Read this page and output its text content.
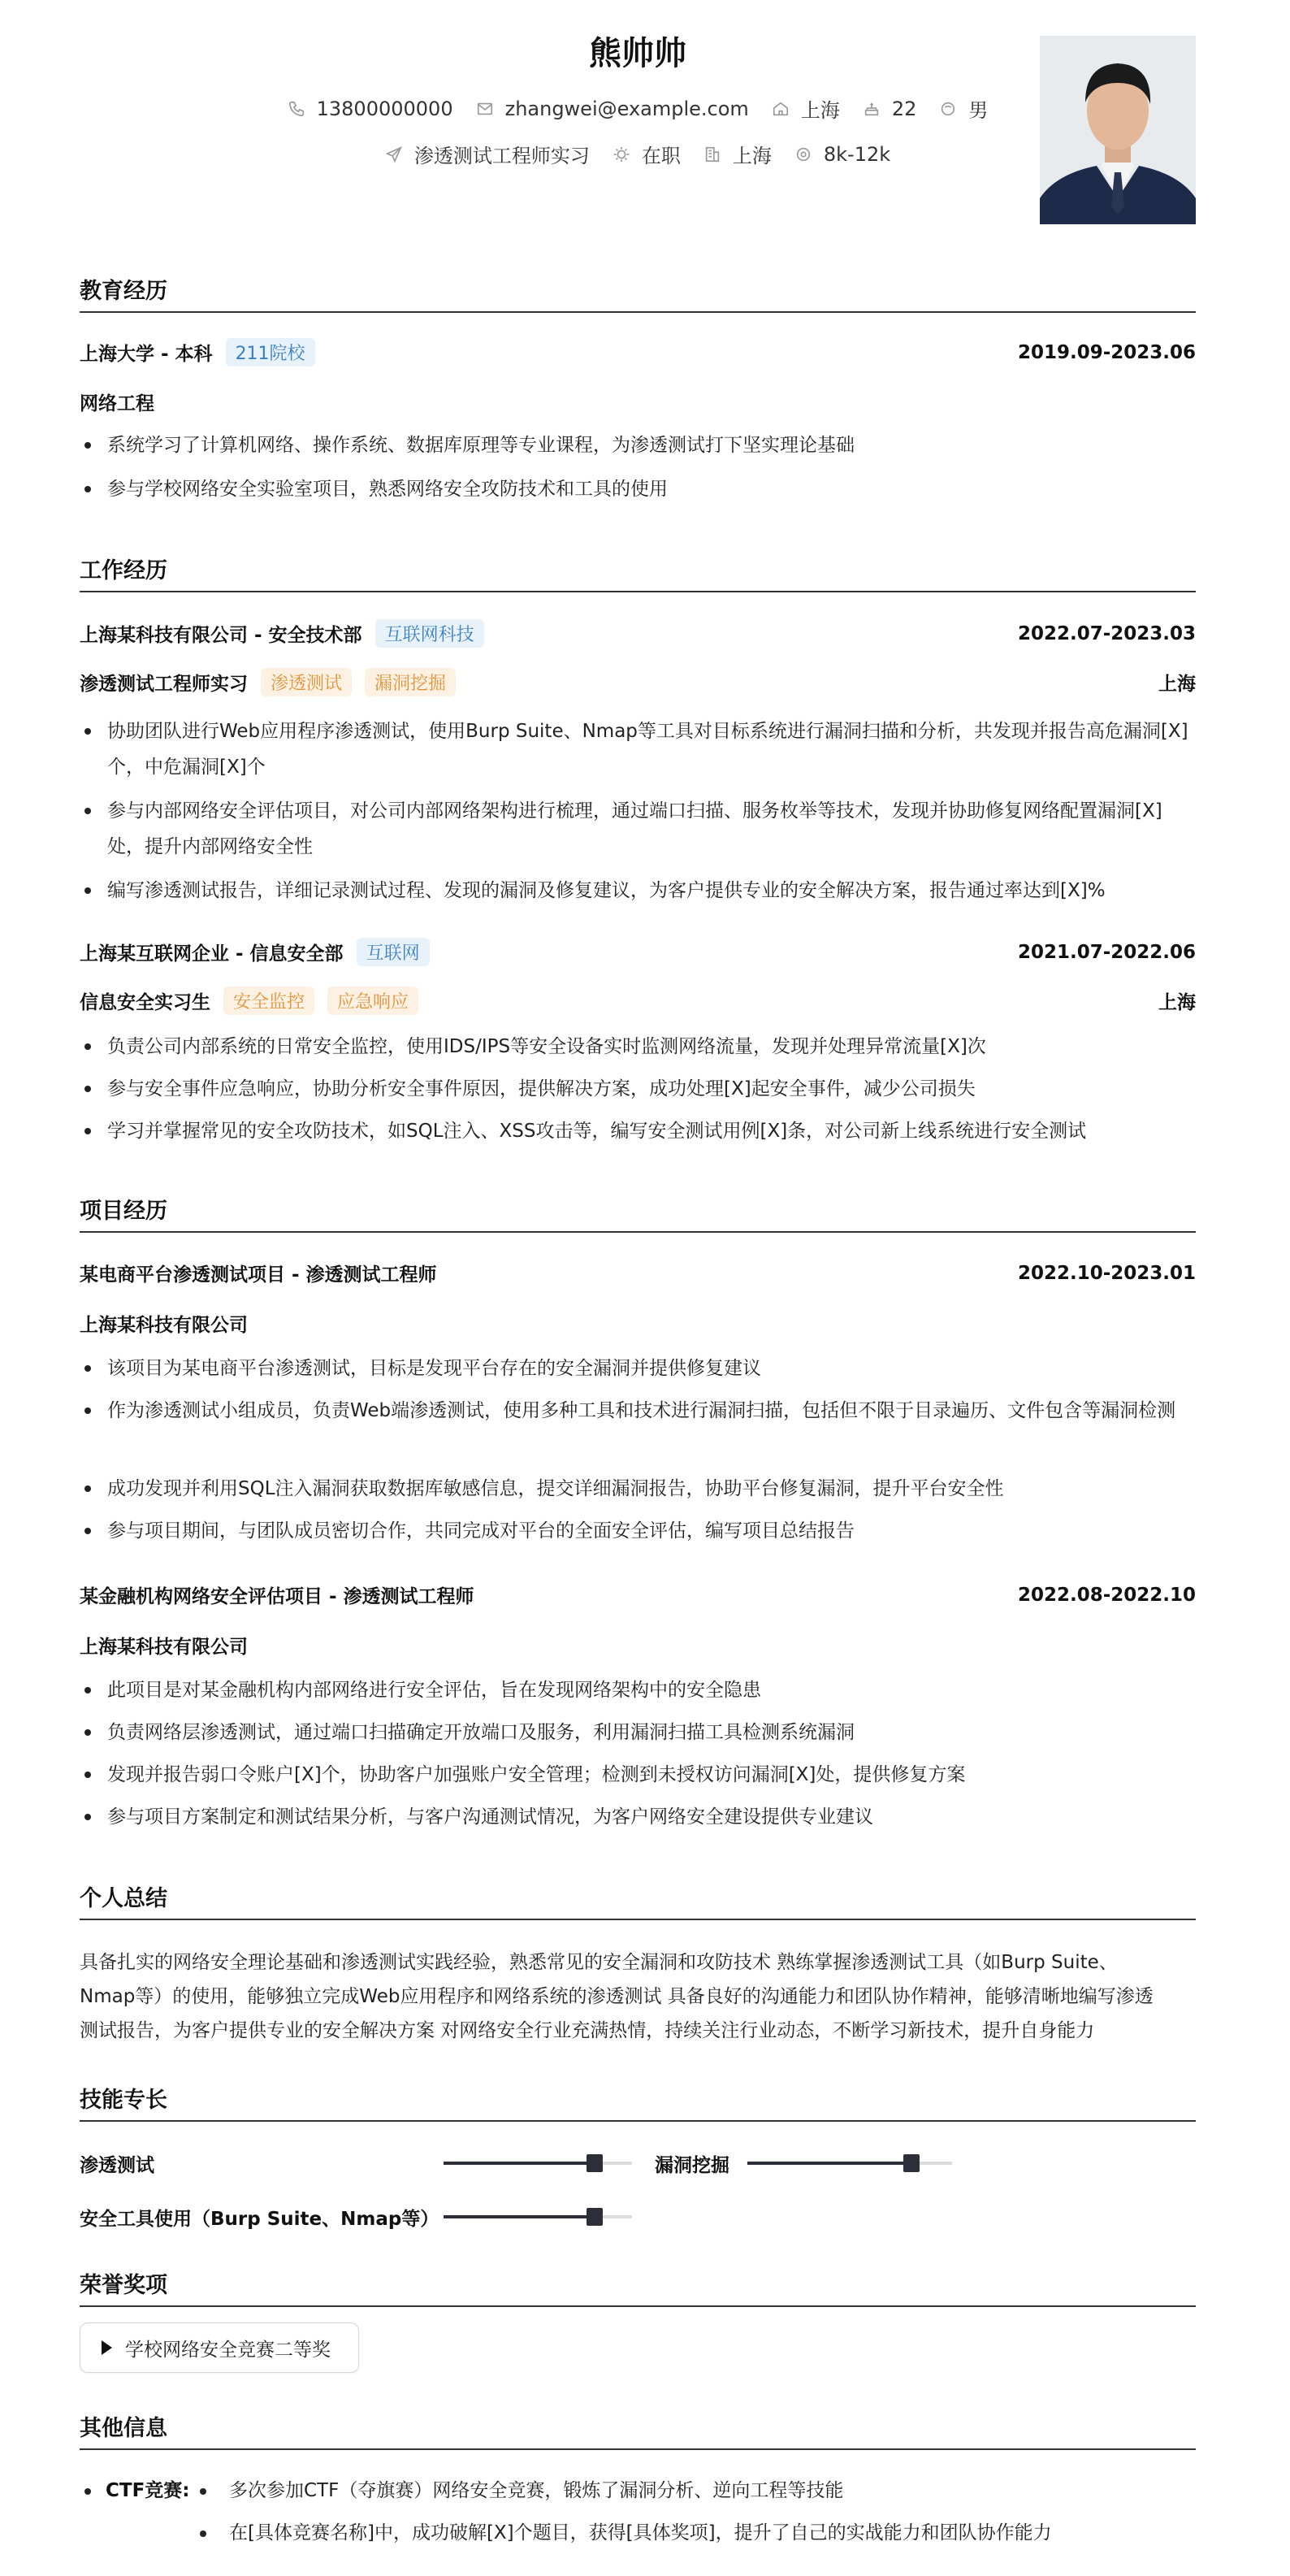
熊帅帅
13800000000	zhangwei@example.com	上海	22	男
渗透测试工程师实习	在职	上海	8k-12k
教育经历
上海大学 - 本科	211院校	2019.09-2023.06
网络工程
系统学习了计算机网络、操作系统、数据库原理等专业课程，为渗透测试打下坚实理论基础
参与学校网络安全实验室项目，熟悉网络安全攻防技术和工具的使用
工作经历
上海某科技有限公司 - 安全技术部	互联网科技	2022.07-2023.03
渗透测试工程师实习	渗透测试	漏洞挖掘	上海
协助团队进行Web应用程序渗透测试，使用Burp Suite、Nmap等工具对目标系统进行漏洞扫描和分析，共发现并报告高危漏洞[X]个，中危漏洞[X]个
参与内部网络安全评估项目，对公司内部网络架构进行梳理，通过端口扫描、服务枚举等技术，发现并协助修复网络配置漏洞[X]处，提升内部网络安全性
编写渗透测试报告，详细记录测试过程、发现的漏洞及修复建议，为客户提供专业的安全解决方案，报告通过率达到[X]%
上海某互联网企业 - 信息安全部	互联网	2021.07-2022.06
信息安全实习生	安全监控	应急响应	上海
负责公司内部系统的日常安全监控，使用IDS/IPS等安全设备实时监测网络流量，发现并处理异常流量[X]次
参与安全事件应急响应，协助分析安全事件原因，提供解决方案，成功处理[X]起安全事件，减少公司损失
学习并掌握常见的安全攻防技术，如SQL注入、XSS攻击等，编写安全测试用例[X]条，对公司新上线系统进行安全测试
项目经历
某电商平台渗透测试项目 - 渗透测试工程师	2022.10-2023.01
上海某科技有限公司
该项目为某电商平台渗透测试，目标是发现平台存在的安全漏洞并提供修复建议
作为渗透测试小组成员，负责Web端渗透测试，使用多种工具和技术进行漏洞扫描，包括但不限于目录遍历、文件包含等漏洞检测
成功发现并利用SQL注入漏洞获取数据库敏感信息，提交详细漏洞报告，协助平台修复漏洞，提升平台安全性
参与项目期间，与团队成员密切合作，共同完成对平台的全面安全评估，编写项目总结报告
某金融机构网络安全评估项目 - 渗透测试工程师	2022.08-2022.10
上海某科技有限公司
此项目是对某金融机构内部网络进行安全评估，旨在发现网络架构中的安全隐患
负责网络层渗透测试，通过端口扫描确定开放端口及服务，利用漏洞扫描工具检测系统漏洞
发现并报告弱口令账户[X]个，协助客户加强账户安全管理；检测到未授权访问漏洞[X]处，提供修复方案
参与项目方案制定和测试结果分析，与客户沟通测试情况，为客户网络安全建设提供专业建议
个人总结
具备扎实的网络安全理论基础和渗透测试实践经验，熟悉常见的安全漏洞和攻防技术 熟练掌握渗透测试工具（如Burp Suite、
Nmap等）的使用，能够独立完成Web应用程序和网络系统的渗透测试 具备良好的沟通能力和团队协作精神，能够清晰地编写渗透
测试报告，为客户提供专业的安全解决方案 对网络安全行业充满热情，持续关注行业动态，不断学习新技术，提升自身能力
技能专长
渗透测试	漏洞挖掘
安全工具使用（Burp Suite、Nmap等）
荣誉奖项
学校网络安全竞赛二等奖
其他信息
CTF竞赛: 多次参加CTF（夺旗赛）网络安全竞赛，锻炼了漏洞分析、逆向工程等技能
在[具体竞赛名称]中，成功破解[X]个题目，获得[具体奖项]，提升了自己的实战能力和团队协作能力
